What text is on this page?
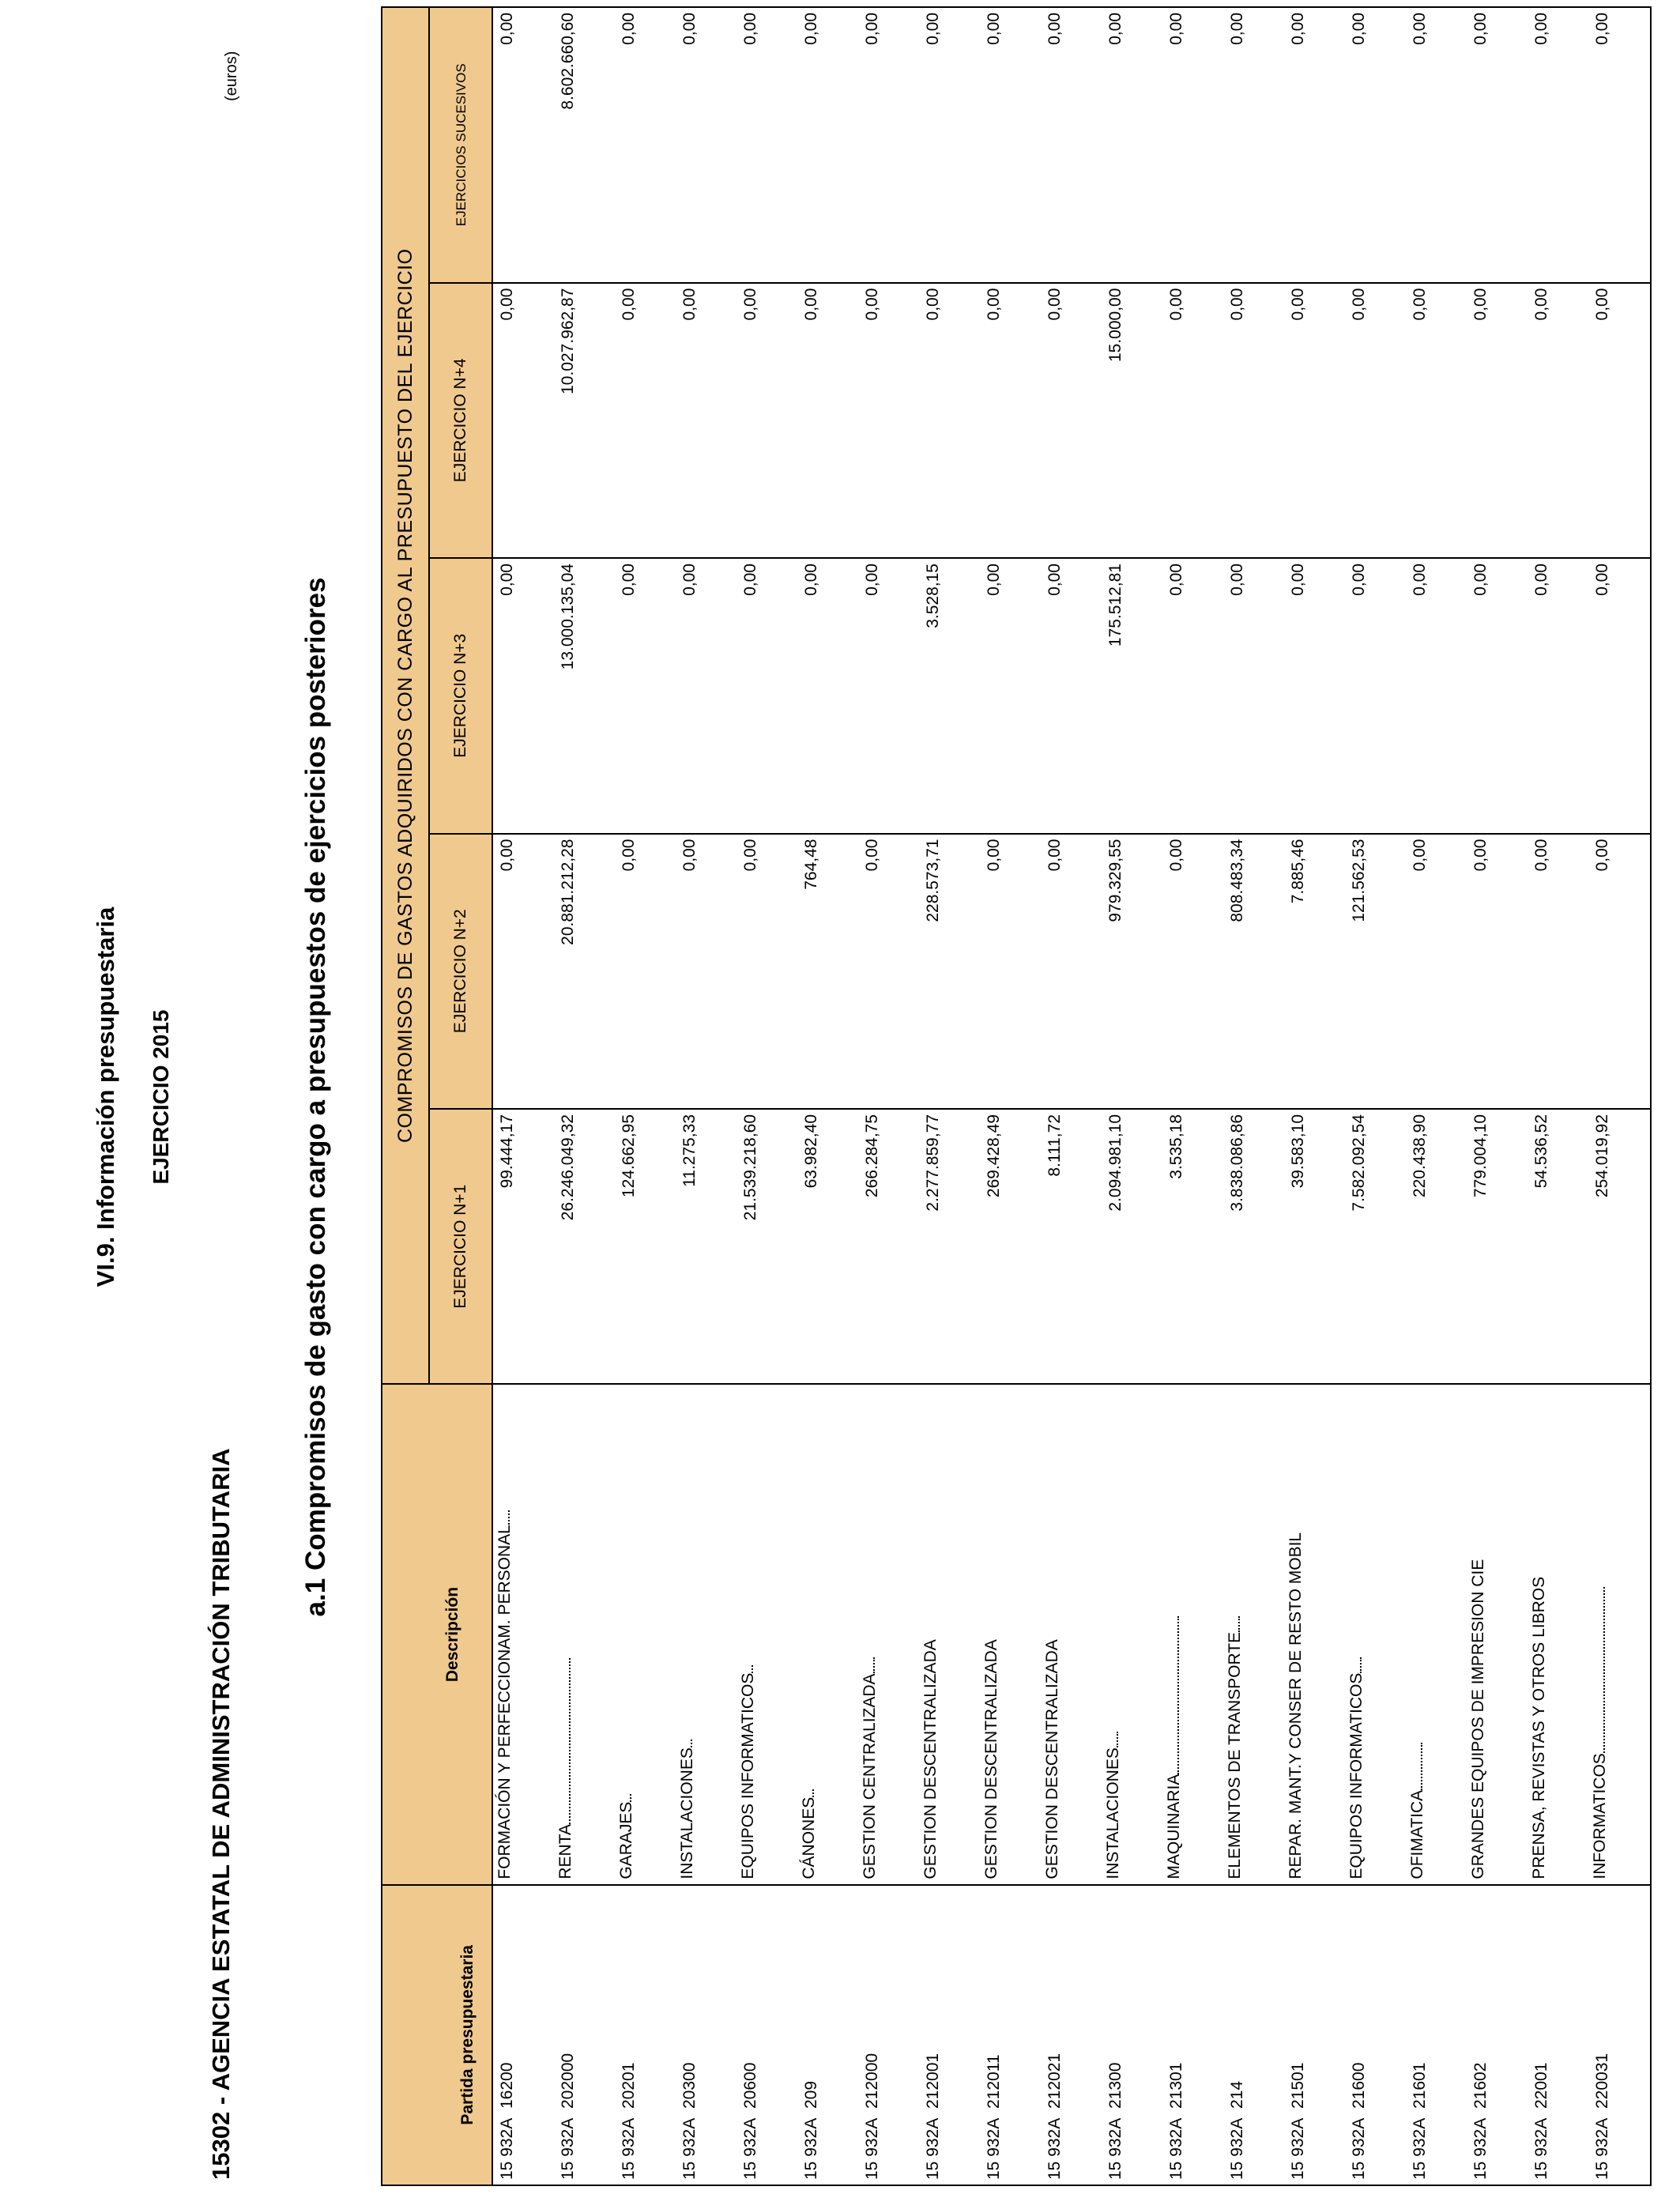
VI.9. Información presupuestaria EJERCICIO 2015
15302 - AGENCIA ESTATAL DE ADMINISTRACIÓN TRIBUTARIA
a.1 Compromisos de gasto con cargo a presupuestos de ejercicios posteriores
(euros)
Partida presupuestaria	Descripción	COMPROMISOS DE GASTOS ADQUIRIDOS CON CARGO AL PRESUPUESTO DEL EJERCICIO				
		EJERCICIO N+1	EJERCICIO N+2	EJERCICIO N+3	EJERCICIO N+4	EJERCICIOS SUCESIVOS
15 932A16200	FORMACIÓN Y PERFECCIONAM. PERSONAL	99.444,17	0,00	0,00	0,00	0,00
15 932A202000	RENTA	26.246.049,32	20.881.212,28	13.000.135,04	10.027.962,87	8.602.660,60
15 932A20201	GARAJES	124.662,95	0,00	0,00	0,00	0,00
15 932A20300	INSTALACIONES	11.275,33	0,00	0,00	0,00	0,00
15 932A20600	EQUIPOS INFORMATICOS	21.539.218,60	0,00	0,00	0,00	0,00
15 932A209	CÁNONES	63.982,40	764,48	0,00	0,00	0,00
15 932A212000	GESTION CENTRALIZADA	266.284,75	0,00	0,00	0,00	0,00
15 932A212001	GESTION DESCENTRALIZADA	2.277.859,77	228.573,71	3.528,15	0,00	0,00
15 932A212011	GESTION DESCENTRALIZADA	269.428,49	0,00	0,00	0,00	0,00
15 932A212021	GESTION DESCENTRALIZADA	8.111,72	0,00	0,00	0,00	0,00
15 932A21300	INSTALACIONES	2.094.981,10	979.329,55	175.512,81	15.000,00	0,00
15 932A21301	MAQUINARIA	3.535,18	0,00	0,00	0,00	0,00
15 932A214	ELEMENTOS DE TRANSPORTE	3.838.086,86	808.483,34	0,00	0,00	0,00
15 932A21501	REPAR. MANT.Y CONSER DE RESTO MOBIL	39.583,10	7.885,46	0,00	0,00	0,00
15 932A21600	EQUIPOS INFORMATICOS	7.582.092,54	121.562,53	0,00	0,00	0,00
15 932A21601	OFIMATICA	220.438,90	0,00	0,00	0,00	0,00
15 932A21602	GRANDES EQUIPOS DE IMPRESION CIE	779.004,10	0,00	0,00	0,00	0,00
15 932A22001	PRENSA, REVISTAS Y OTROS LIBROS	54.536,52	0,00	0,00	0,00	0,00
15 932A220031	INFORMATICOS	254.019,92	0,00	0,00	0,00	0,00
